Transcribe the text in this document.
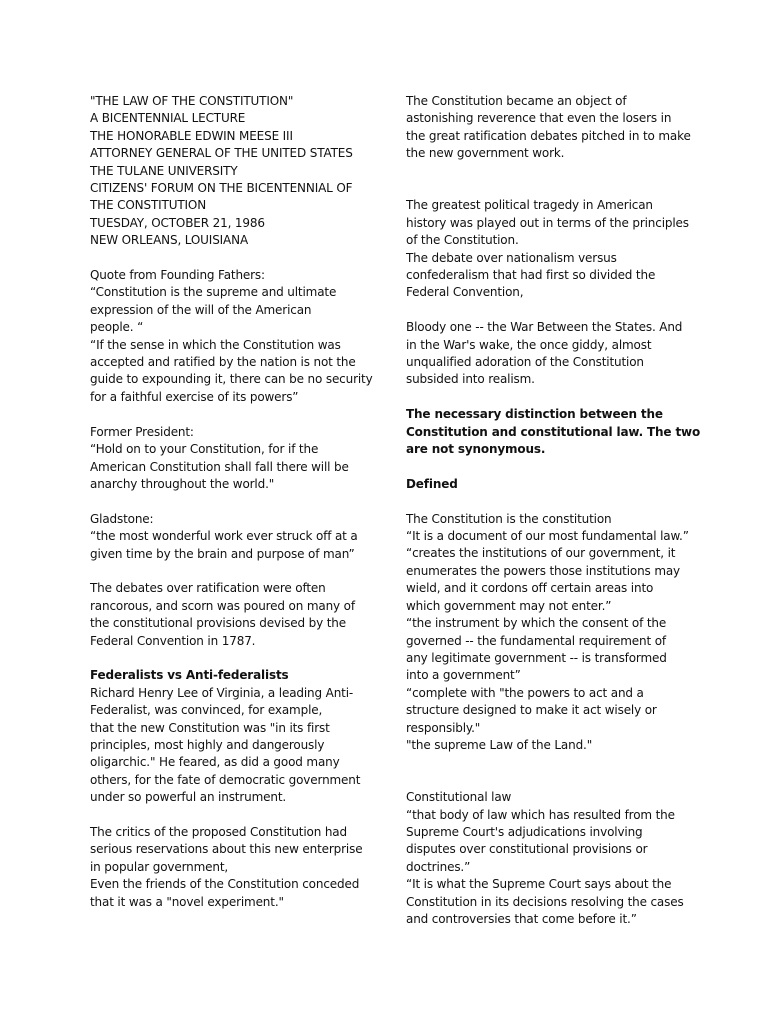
"THE LAW OF THE CONSTITUTION"
A BICENTENNIAL LECTURE
THE HONORABLE EDWIN MEESE III
ATTORNEY GENERAL OF THE UNITED STATES
THE TULANE UNIVERSITY
CITIZENS' FORUM ON THE BICENTENNIAL OF
THE CONSTITUTION
TUESDAY, OCTOBER 21, 1986
NEW ORLEANS, LOUISIANA
Quote from Founding Fathers:
“Constitution is the supreme and ultimate
expression of the will of the American
people. “
“If the sense in which the Constitution was
accepted and ratified by the nation is not the
guide to expounding it, there can be no security
for a faithful exercise of its powers”
Former President:
“Hold on to your Constitution, for if the
American Constitution shall fall there will be
anarchy throughout the world."
Gladstone:
“the most wonderful work ever struck off at a
given time by the brain and purpose of man”
The debates over ratification were often
rancorous, and scorn was poured on many of
the constitutional provisions devised by the
Federal Convention in 1787.
Federalists vs Anti-federalists
Richard Henry Lee of Virginia, a leading Anti-
Federalist, was convinced, for example,
that the new Constitution was "in its first
principles, most highly and dangerously
oligarchic." He feared, as did a good many
others, for the fate of democratic government
under so powerful an instrument.
The critics of the proposed Constitution had
serious reservations about this new enterprise
in popular government,
Even the friends of the Constitution conceded
that it was a "novel experiment."
The Constitution became an object of
astonishing reverence that even the losers in
the great ratification debates pitched in to make
the new government work.
The greatest political tragedy in American
history was played out in terms of the principles
of the Constitution.
The debate over nationalism versus
confederalism that had first so divided the
Federal Convention,
Bloody one -- the War Between the States. And
in the War's wake, the once giddy, almost
unqualified adoration of the Constitution
subsided into realism.
The necessary distinction between the
Constitution and constitutional law. The two
are not synonymous.
Defined
The Constitution is the constitution
“It is a document of our most fundamental law.”
“creates the institutions of our government, it
enumerates the powers those institutions may
wield, and it cordons off certain areas into
which government may not enter.”
“the instrument by which the consent of the
governed -- the fundamental requirement of
any legitimate government -- is transformed
into a government”
“complete with "the powers to act and a
structure designed to make it act wisely or
responsibly."
"the supreme Law of the Land."
Constitutional law
“that body of law which has resulted from the
Supreme Court's adjudications involving
disputes over constitutional provisions or
doctrines.”
“It is what the Supreme Court says about the
Constitution in its decisions resolving the cases
and controversies that come before it.”
